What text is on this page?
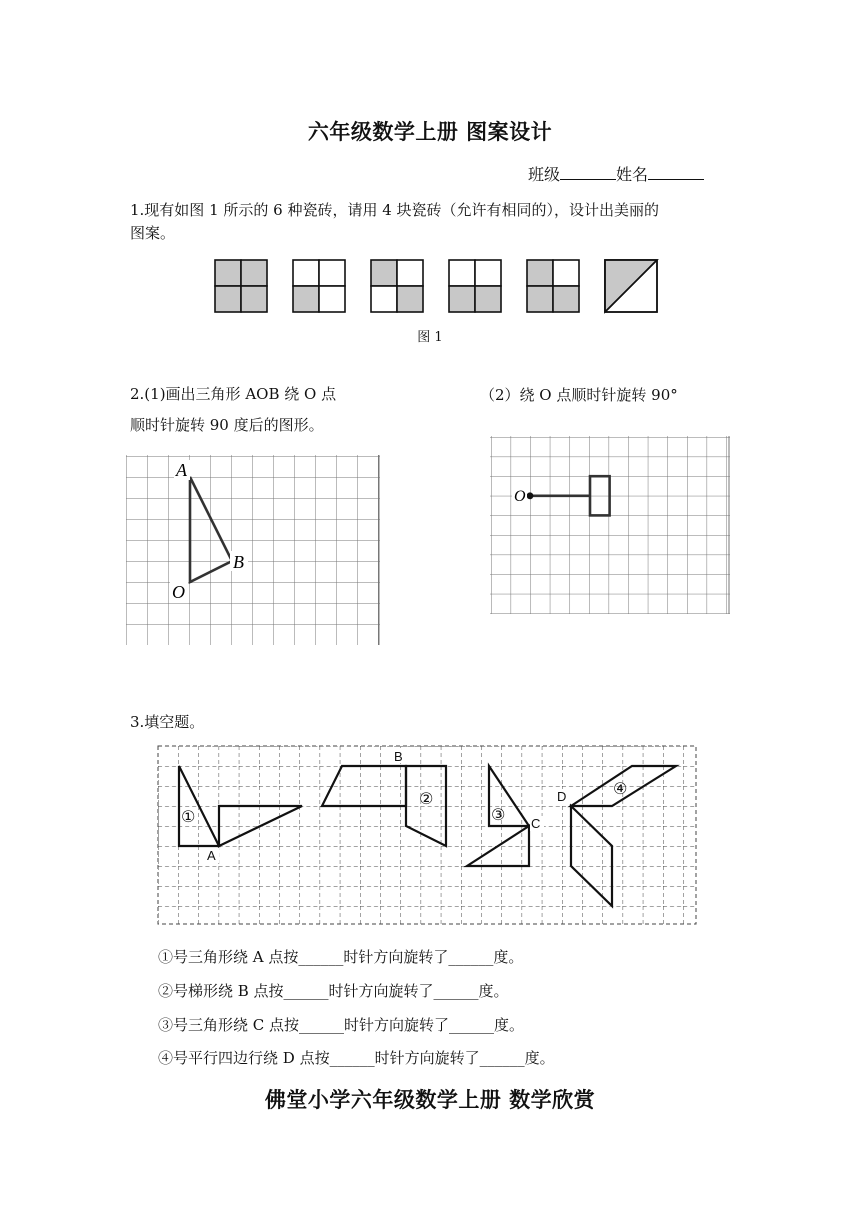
六年级数学上册 图案设计
班级	姓名
1.现有如图 1 所示的 6 种瓷砖，请用 4 块瓷砖（允许有相同的），设计出美丽的
图案。
图 1
2.(1)画出三角形 AOB 绕 O 点
顺时针旋转 90 度后的图形。
（2）绕 O 点顺时针旋转 90°
A
B
O
O
3.填空题。
①
②
③
④
A
B
C
D
①号三角形绕 A 点按______时针方向旋转了______度。
②号梯形绕 B 点按______时针方向旋转了______度。
③号三角形绕 C 点按______时针方向旋转了______度。
④号平行四边行绕 D 点按______时针方向旋转了______度。
佛堂小学六年级数学上册 数学欣赏
